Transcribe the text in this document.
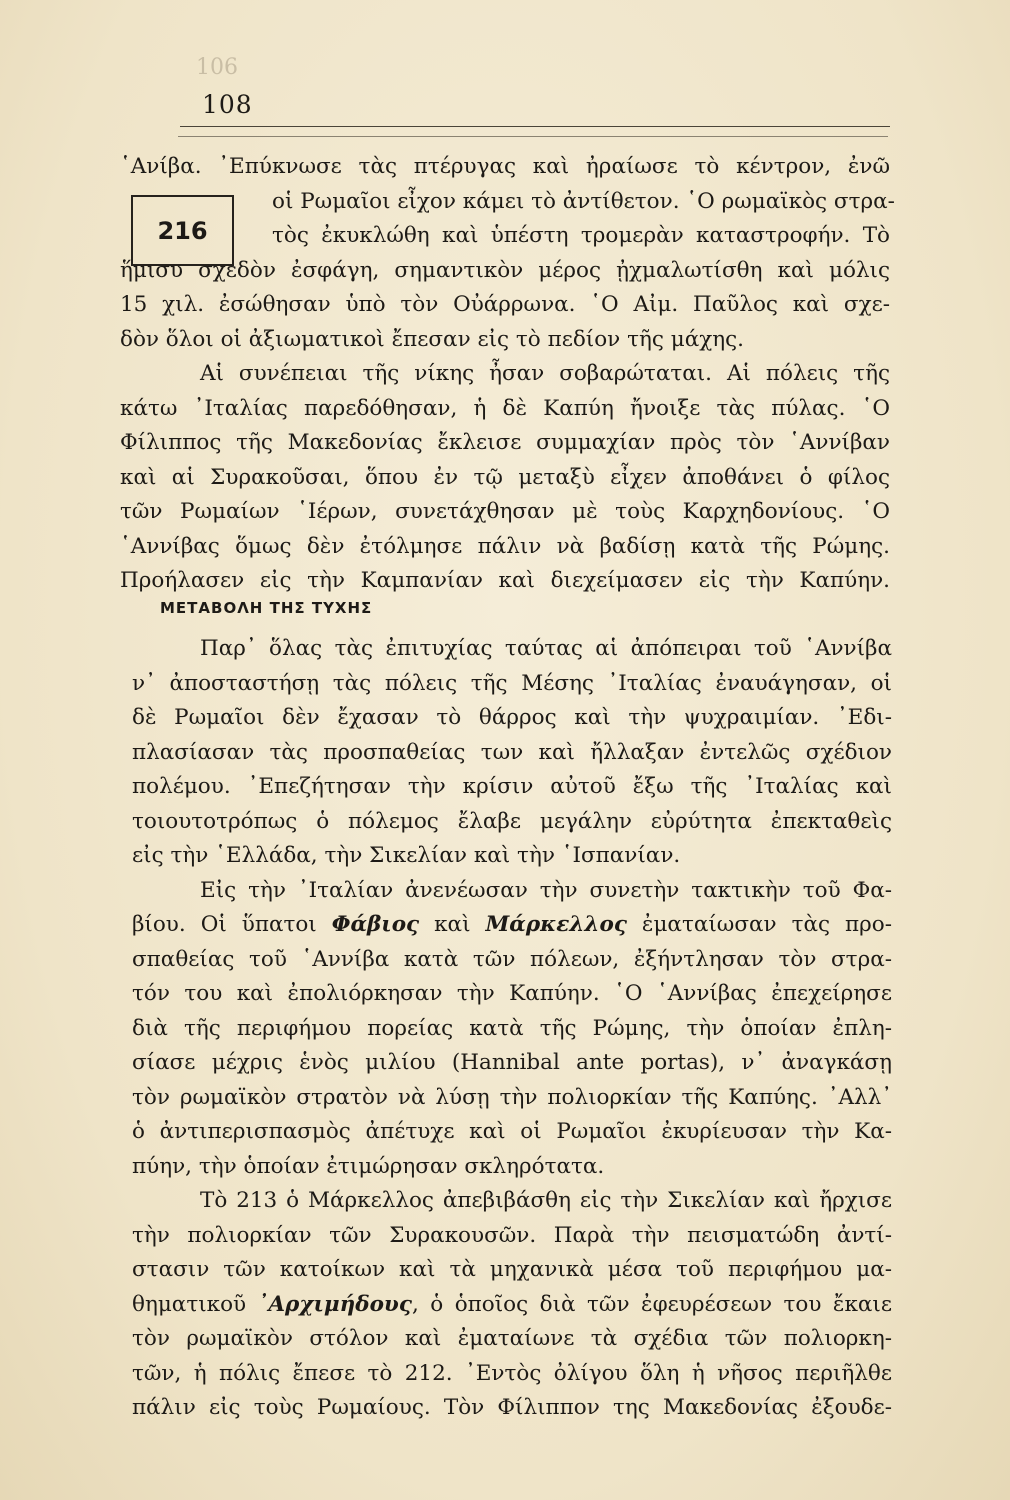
106
108
216
῾Ανίβα. ᾿Επύκνωσε τὰς πτέρυγας καὶ ἠραίωσε τὸ κέντρον, ἐνῶ
οἱ Ρωμαῖοι εἶχον κάμει τὸ ἀντίθετον. ῾Ο ρωμαϊκὸς στρα-
τὸς ἐκυκλώθη καὶ ὑπέστη τρομερὰν καταστροφήν. Τὸ
ἥμισυ σχεδὸν ἐσφάγη, σημαντικὸν μέρος ᾐχμαλωτίσθη καὶ μόλις
15 χιλ. ἐσώθησαν ὑπὸ τὸν Οὐάρρωνα. ῾Ο Αἰμ. Παῦλος καὶ σχε-
δὸν ὅλοι οἱ ἀξιωματικοὶ ἔπεσαν εἰς τὸ πεδίον τῆς μάχης.
Αἱ συνέπειαι τῆς νίκης ἦσαν σοβαρώταται. Αἱ πόλεις τῆς
κάτω ᾿Ιταλίας παρεδόθησαν, ἡ δὲ Καπύη ἤνοιξε τὰς πύλας. ῾Ο
Φίλιππος τῆς Μακεδονίας ἔκλεισε συμμαχίαν πρὸς τὸν ῾Αννίβαν
καὶ αἱ Συρακοῦσαι, ὅπου ἐν τῷ μεταξὺ εἶχεν ἀποθάνει ὁ φίλος
τῶν Ρωμαίων ῾Ιέρων, συνετάχθησαν μὲ τοὺς Καρχηδονίους. ῾Ο
῾Αννίβας ὅμως δὲν ἐτόλμησε πάλιν νὰ βαδίσῃ κατὰ τῆς Ρώμης.
Προήλασεν εἰς τὴν Καμπανίαν καὶ διεχείμασεν εἰς τὴν Καπύην.
ΜΕΤΑΒΟΛΗ ΤΗΣ ΤΥΧΗΣ
Παρ᾿ ὅλας τὰς ἐπιτυχίας ταύτας αἱ ἀπόπειραι τοῦ ῾Αννίβα
ν᾿ ἀποσταστήσῃ τὰς πόλεις τῆς Μέσης ᾿Ιταλίας ἐναυάγησαν, οἱ
δὲ Ρωμαῖοι δὲν ἔχασαν τὸ θάρρος καὶ τὴν ψυχραιμίαν. ᾿Εδι-
πλασίασαν τὰς προσπαθείας των καὶ ἤλλαξαν ἐντελῶς σχέδιον
πολέμου. ᾿Επεζήτησαν τὴν κρίσιν αὐτοῦ ἔξω τῆς ᾿Ιταλίας καὶ
τοιουτοτρόπως ὁ πόλεμος ἔλαβε μεγάλην εὐρύτητα ἐπεκταθεὶς
εἰς τὴν ῾Ελλάδα, τὴν Σικελίαν καὶ τὴν ῾Ισπανίαν.
Εἰς τὴν ᾿Ιταλίαν ἀνενέωσαν τὴν συνετὴν τακτικὴν τοῦ Φα-
βίου. Οἱ ὕπατοι Φάβιος καὶ Μάρκελλος ἐματαίωσαν τὰς προ-
σπαθείας τοῦ ῾Αννίβα κατὰ τῶν πόλεων, ἐξήντλησαν τὸν στρα-
τόν του καὶ ἐπολιόρκησαν τὴν Καπύην. ῾Ο ῾Αννίβας ἐπεχείρησε
διὰ τῆς περιφήμου πορείας κατὰ τῆς Ρώμης, τὴν ὁποίαν ἐπλη-
σίασε μέχρις ἑνὸς μιλίου (Hannibal ante portas), ν᾿ ἀναγκάσῃ
τὸν ρωμαϊκὸν στρατὸν νὰ λύσῃ τὴν πολιορκίαν τῆς Καπύης. ᾿Αλλ᾿
ὁ ἀντιπερισπασμὸς ἀπέτυχε καὶ οἱ Ρωμαῖοι ἐκυρίευσαν τὴν Κα-
πύην, τὴν ὁποίαν ἐτιμώρησαν σκληρότατα.
Τὸ 213 ὁ Μάρκελλος ἀπεβιβάσθη εἰς τὴν Σικελίαν καὶ ἤρχισε
τὴν πολιορκίαν τῶν Συρακουσῶν. Παρὰ τὴν πεισματώδη ἀντί-
στασιν τῶν κατοίκων καὶ τὰ μηχανικὰ μέσα τοῦ περιφήμου μα-
θηματικοῦ ᾿Αρχιμήδους, ὁ ὁποῖος διὰ τῶν ἐφευρέσεων του ἔκαιε
τὸν ρωμαϊκὸν στόλον καὶ ἐματαίωνε τὰ σχέδια τῶν πολιορκη-
τῶν, ἡ πόλις ἔπεσε τὸ 212. ᾿Εντὸς ὀλίγου ὅλη ἡ νῆσος περιῆλθε
πάλιν εἰς τοὺς Ρωμαίους. Τὸν Φίλιππον της Μακεδονίας ἐξουδε-
